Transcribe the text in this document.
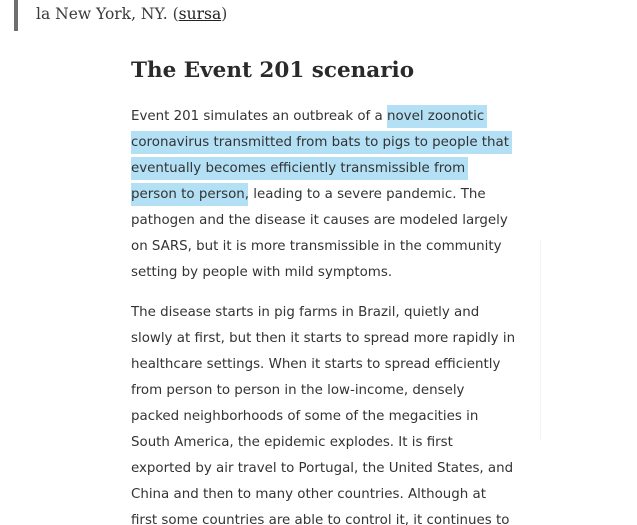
la New York, NY. (sursa)
The Event 201 scenario

Event 201 simulates an outbreak of a novel zoonotic
coronavirus transmitted from bats to pigs to people that
eventually becomes efficiently transmissible from
person to person, leading to a severe pandemic. The
pathogen and the disease it causes are modeled largely
on SARS, but it is more transmissible in the community
setting by people with mild symptoms.

The disease starts in pig farms in Brazil, quietly and
slowly at first, but then it starts to spread more rapidly in
healthcare settings. When it starts to spread efficiently
from person to person in the low-income, densely
packed neighborhoods of some of the megacities in
South America, the epidemic explodes. It is first
exported by air travel to Portugal, the United States, and
China and then to many other countries. Although at
first some countries are able to control it, it continues to
